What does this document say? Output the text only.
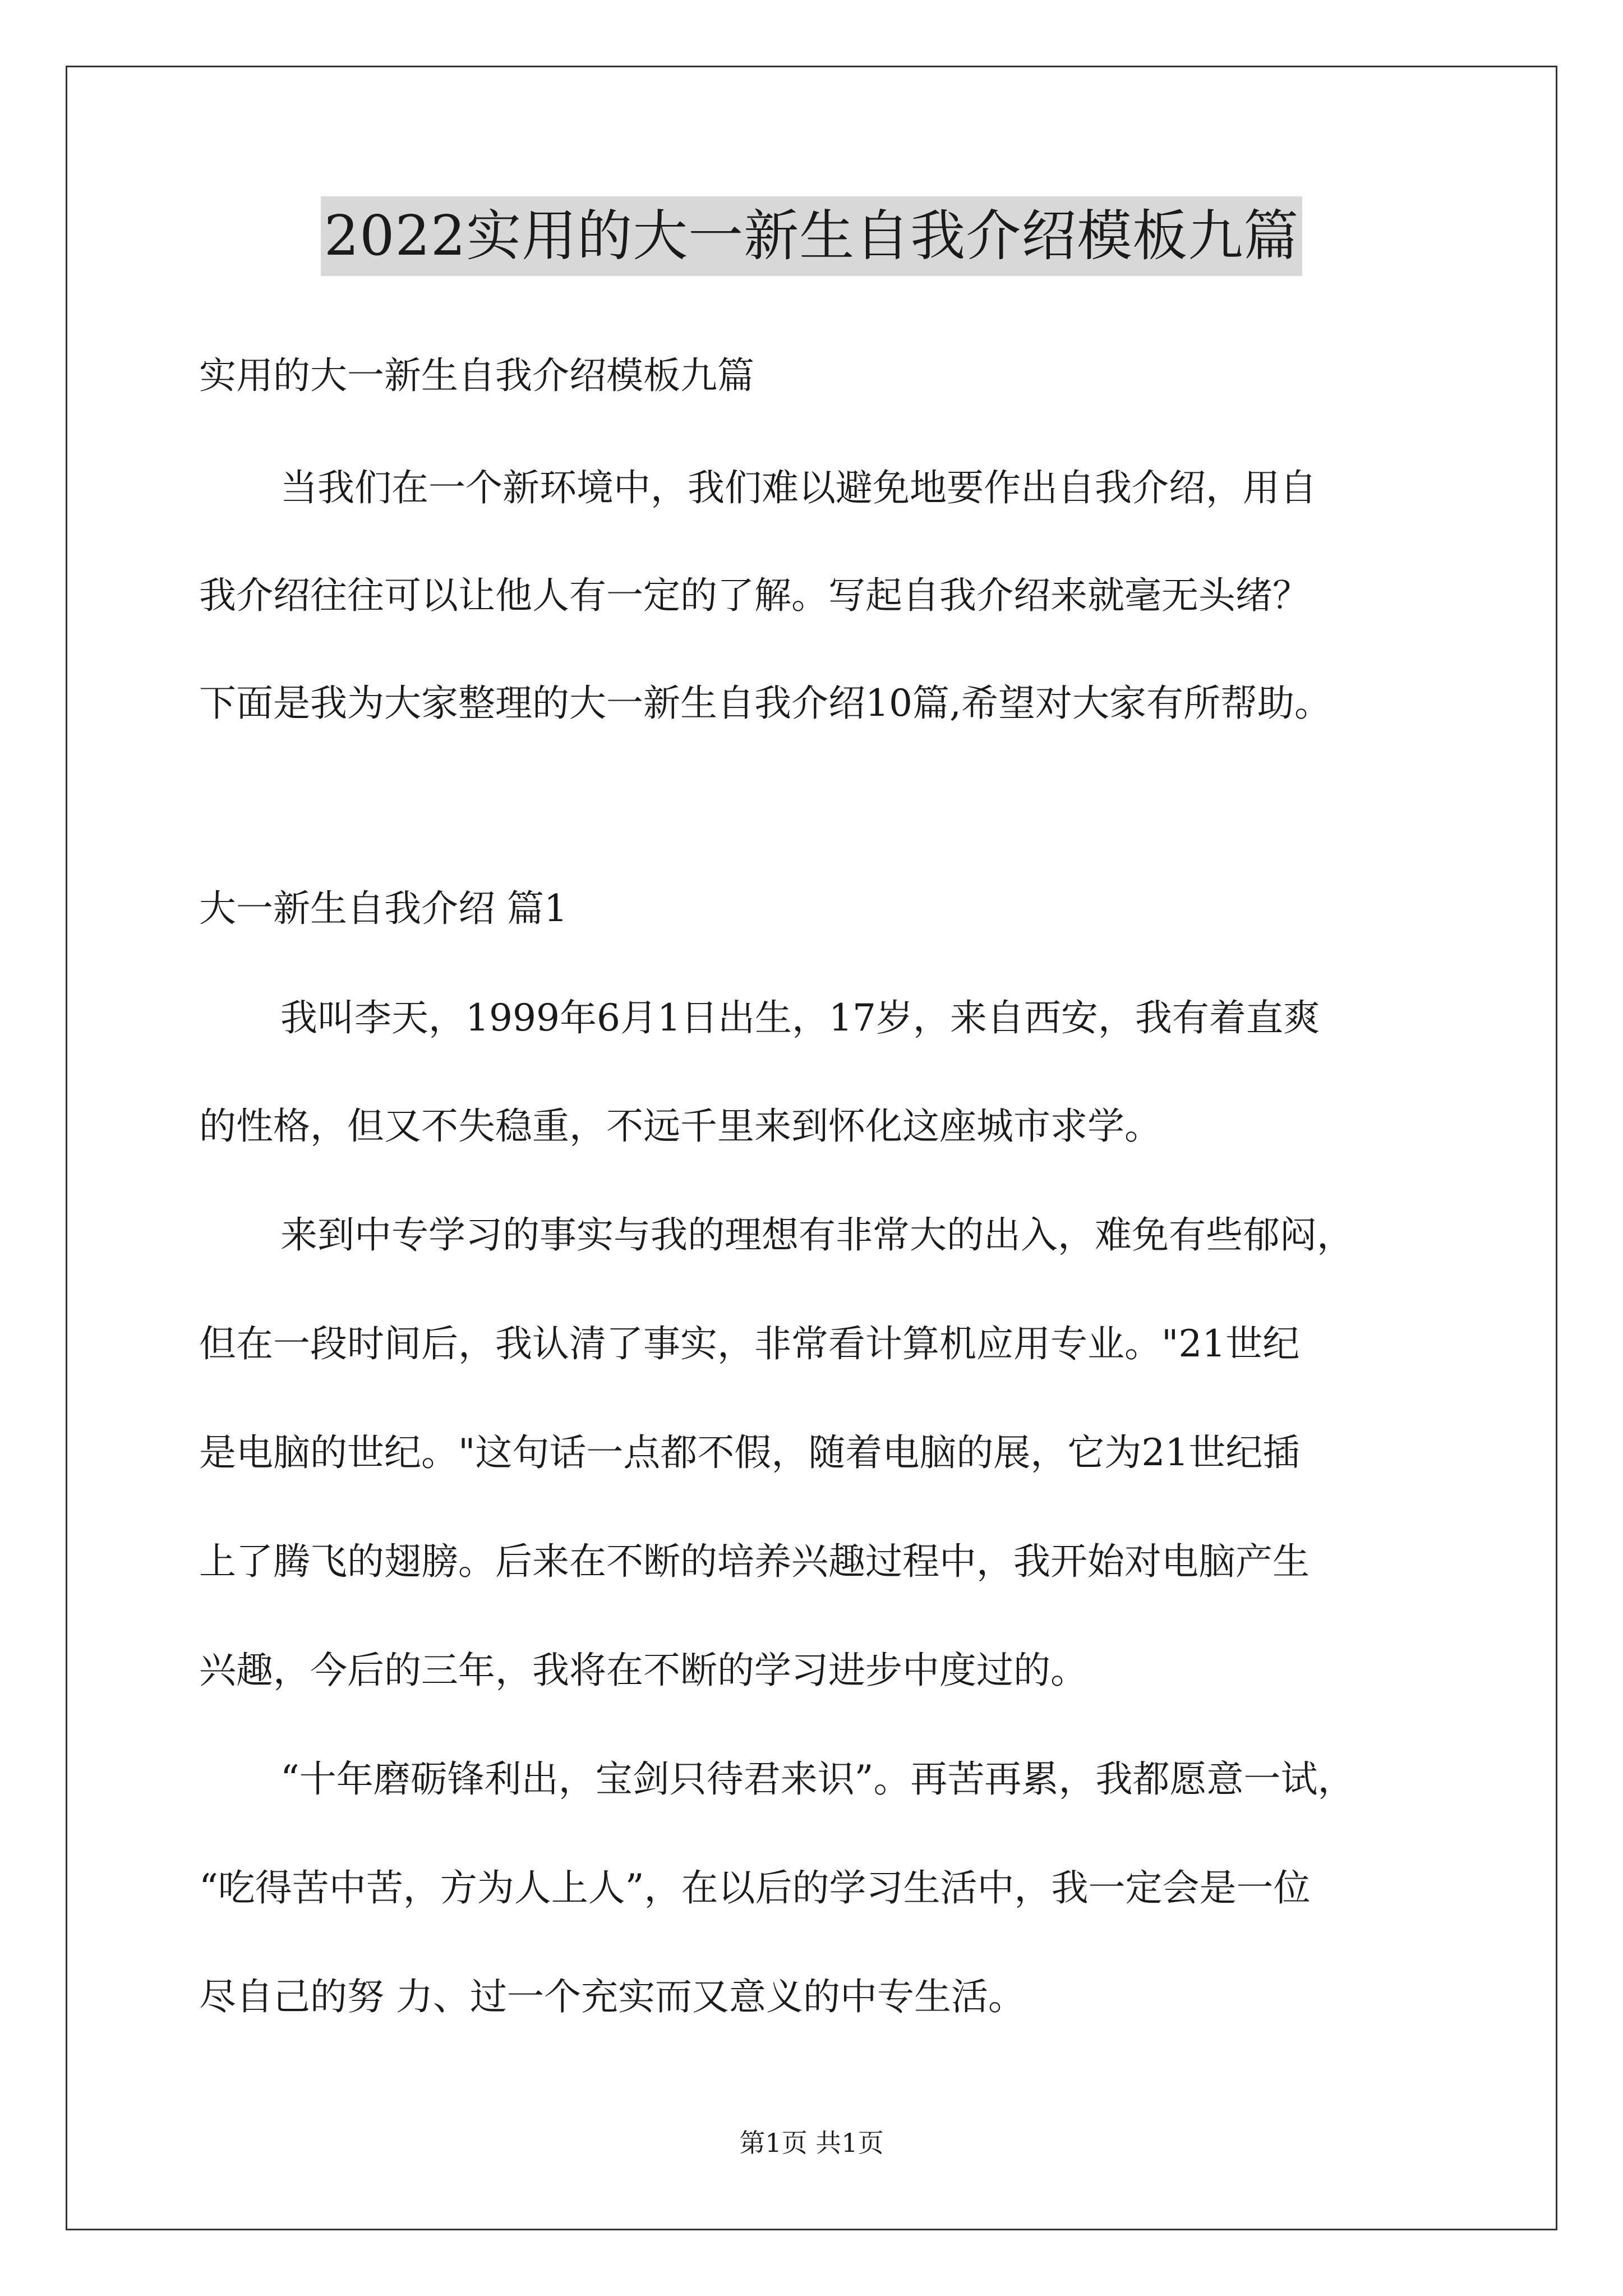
2022实用的大一新生自我介绍模板九篇
实用的大一新生自我介绍模板九篇
当我们在一个新环境中，我们难以避免地要作出自我介绍，用自
我介绍往往可以让他人有一定的了解。写起自我介绍来就毫无头绪？
下面是我为大家整理的大一新生自我介绍10篇,希望对大家有所帮助。
大一新生自我介绍 篇1
我叫李天，1999年6月1日出生，17岁，来自西安，我有着直爽
的性格，但又不失稳重，不远千里来到怀化这座城市求学。
来到中专学习的事实与我的理想有非常大的出入，难免有些郁闷，
但在一段时间后，我认清了事实，非常看计算机应用专业。"21世纪
是电脑的世纪。"这句话一点都不假，随着电脑的展，它为21世纪插
上了腾飞的翅膀。后来在不断的培养兴趣过程中，我开始对电脑产生
兴趣，今后的三年，我将在不断的学习进步中度过的。
“十年磨砺锋利出，宝剑只待君来识”。再苦再累，我都愿意一试，
“吃得苦中苦，方为人上人”，在以后的学习生活中，我一定会是一位
尽自己的努 力、过一个充实而又意义的中专生活。
第1页 共1页
